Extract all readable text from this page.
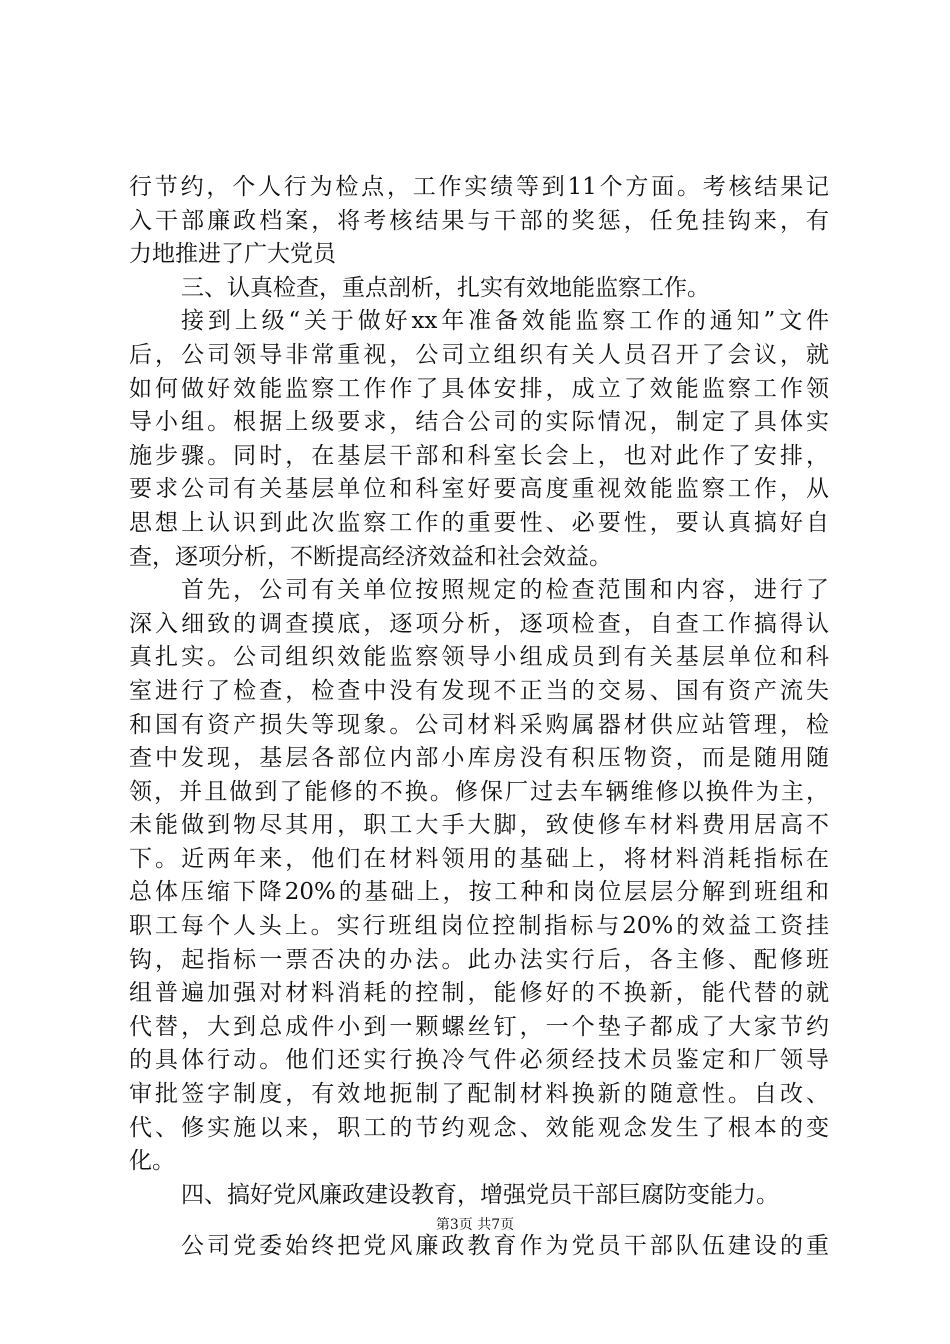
行节约，个人行为检点，工作实绩等到11个方面。考核结果记
入干部廉政档案，将考核结果与干部的奖惩，任免挂钩来，有
力地推进了广大党员
三、认真检查，重点剖析，扎实有效地能监察工作。
接到上级“关于做好xx年准备效能监察工作的通知”文件
后，公司领导非常重视，公司立组织有关人员召开了会议，就
如何做好效能监察工作作了具体安排，成立了效能监察工作领
导小组。根据上级要求，结合公司的实际情况，制定了具体实
施步骤。同时，在基层干部和科室长会上，也对此作了安排，
要求公司有关基层单位和科室好要高度重视效能监察工作，从
思想上认识到此次监察工作的重要性、必要性，要认真搞好自
查，逐项分析，不断提高经济效益和社会效益。
首先，公司有关单位按照规定的检查范围和内容，进行了
深入细致的调查摸底，逐项分析，逐项检查，自查工作搞得认
真扎实。公司组织效能监察领导小组成员到有关基层单位和科
室进行了检查，检查中没有发现不正当的交易、国有资产流失
和国有资产损失等现象。公司材料采购属器材供应站管理，检
查中发现，基层各部位内部小库房没有积压物资，而是随用随
领，并且做到了能修的不换。修保厂过去车辆维修以换件为主，
未能做到物尽其用，职工大手大脚，致使修车材料费用居高不
下。近两年来，他们在材料领用的基础上，将材料消耗指标在
总体压缩下降20%的基础上，按工种和岗位层层分解到班组和
职工每个人头上。实行班组岗位控制指标与20%的效益工资挂
钩，起指标一票否决的办法。此办法实行后，各主修、配修班
组普遍加强对材料消耗的控制，能修好的不换新，能代替的就
代替，大到总成件小到一颗螺丝钉，一个垫子都成了大家节约
的具体行动。他们还实行换冷气件必须经技术员鉴定和厂领导
审批签字制度，有效地扼制了配制材料换新的随意性。自改、
代、修实施以来，职工的节约观念、效能观念发生了根本的变
化。
四、搞好党风廉政建设教育，增强党员干部巨腐防变能力。
公司党委始终把党风廉政教育作为党员干部队伍建设的重
第3页 共7页
